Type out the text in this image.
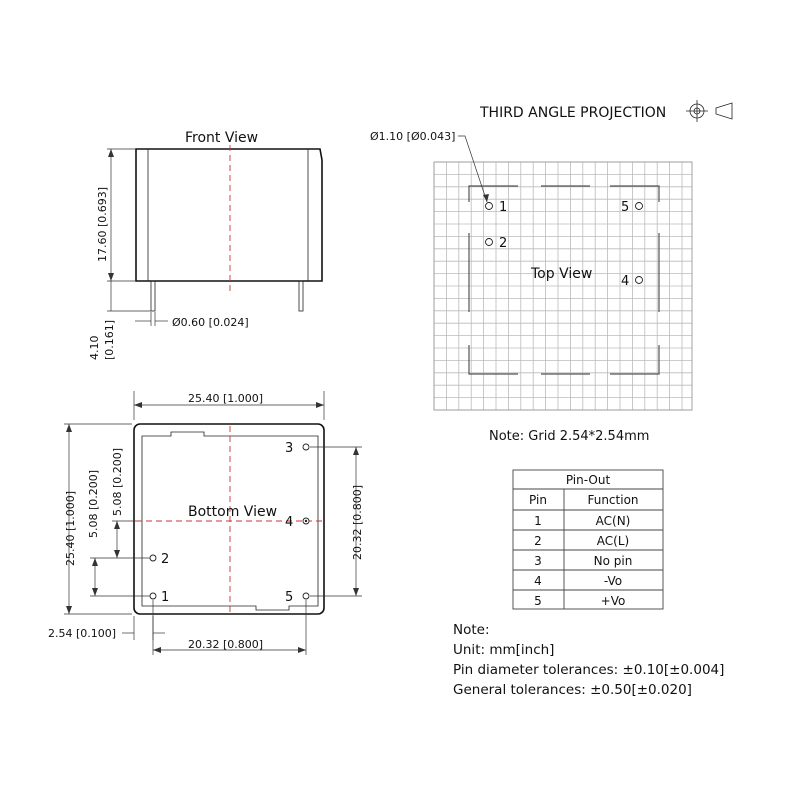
THIRD ANGLE PROJECTION
Front View
17.60 [0.693]
4.10 [0.161]	Ø0.60 [0.024]
Top View
1
2
5
4
Ø1.10 [Ø0.043]
Note: Grid 2.54*2.54mm
Bottom View
3
4
2
1	5
25.40 [1.000]
25.40 [1.000] 5.08 [0.200] 5.08 [0.200]
20.32 [0.800]
20.32 [0.800]
2.54 [0.100]
Pin-Out
Pin	Function
1	AC(N)
2	AC(L)
3	No pin
4	-Vo
5	+Vo
Note:
Unit: mm[inch]
Pin diameter tolerances: ±0.10[±0.004]
General tolerances: ±0.50[±0.020]
